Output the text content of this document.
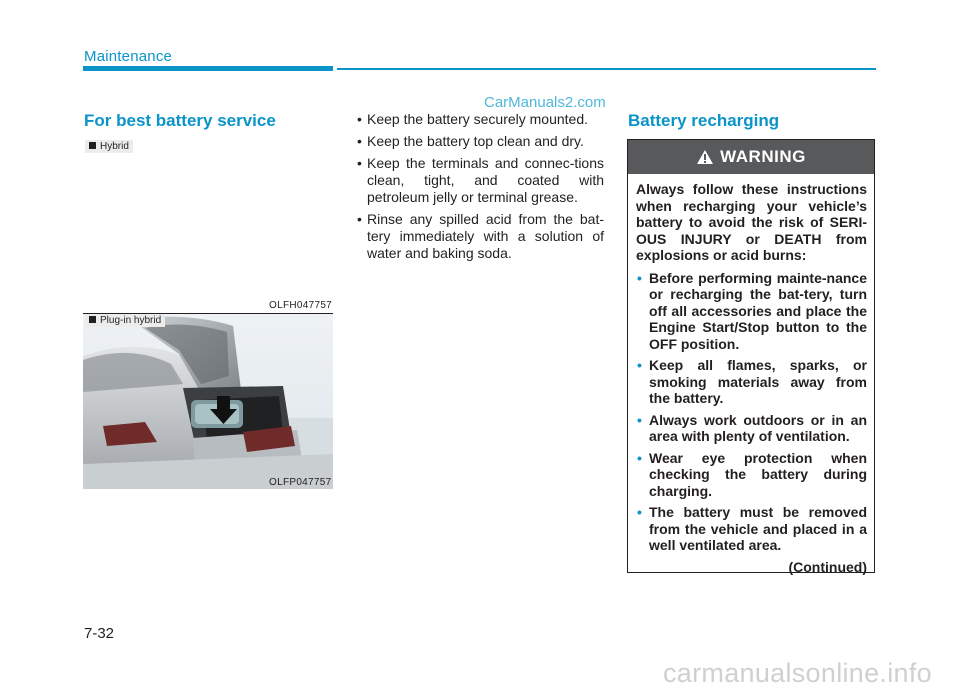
Maintenance
CarManuals2.com
For best battery service
Hybrid
OLFH047757
Plug-in hybrid
OLFP047757
• Keep the battery securely mounted.
• Keep the battery top clean and dry.
• Keep the terminals and connec-tions clean, tight, and coated with petroleum jelly or terminal grease.
• Rinse any spilled acid from the bat-tery immediately with a solution of water and baking soda.
Battery recharging
WARNING
Always follow these instructions when recharging your vehicle’s battery to avoid the risk of SERI-OUS INJURY or DEATH from explosions or acid burns:
• Before performing mainte-nance or recharging the bat-tery, turn off all accessories and place the Engine Start/Stop button to the OFF position.
• Keep all flames, sparks, or smoking materials away from the battery.
• Always work outdoors or in an area with plenty of ventilation.
• Wear eye protection when checking the battery during charging.
• The battery must be removed from the vehicle and placed in a well ventilated area.
(Continued)
7-32
carmanualsonline.info
